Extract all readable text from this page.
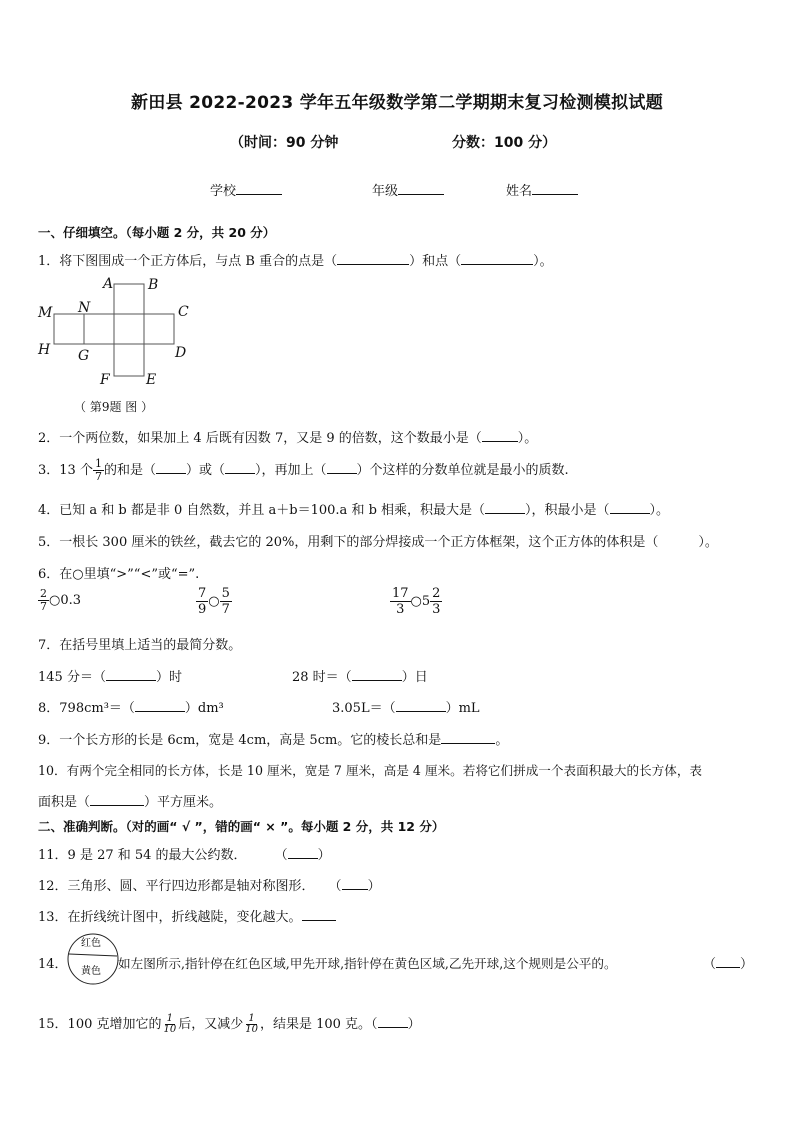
新田县 2022-2023 学年五年级数学第二学期期末复习检测模拟试题
（时间：90 分钟	分数：100 分）
学校	年级	姓名
一、仔细填空。（每小题 2 分，共 20 分）
1．将下图围成一个正方体后，与点 B 重合的点是（	）和点（	）。
A B
C
D
E
F
G
H
M N
（ 第9题 图 ）
2．一个两位数，如果加上 4 后既有因数 7，又是 9 的倍数，这个数最小是（	）。
3．13 个 $\frac{1}{7}$ 的和是（ ）或（ ），再加上（ ）个这样的分数单位就是最小的质数.
4．已知 a 和 b 都是非 0 自然数，并且 a＋b＝100.a 和 b 相乘，积最大是（	），积最小是（	）。
5．一根长 300 厘米的铁丝，截去它的 20%，用剩下的部分焊接成一个正方体框架，这个正方体的体积是（	）。
6．在○里填“>”“<”或“=”.
$\frac{2}{7}$ ○0.3	$\frac{7}{9}$ ○ $\frac{5}{7}$	$\frac{17}{3}$ ○5 $\frac{2}{3}$
7．在括号里填上适当的最简分数。
145 分＝（	）时	28 时＝（	）日
8．798cm³＝（	）dm³	3.05L＝（	）mL
9．一个长方形的长是 6cm，宽是 4cm，高是 5cm。它的棱长总和是	。
10．有两个完全相同的长方体，长是 10 厘米，宽是 7 厘米，高是 4 厘米。若将它们拼成一个表面积最大的长方体，表
面积是（	）平方厘米。
二、准确判断。（对的画“ √ ”，错的画“ × ”。每小题 2 分，共 12 分）
11．9 是 27 和 54 的最大公约数． （ ）
12．三角形、圆、平行四边形都是轴对称图形． （ ）
13．在折线统计图中，折线越陡，变化越大。
14．
红色
黄色
如左图所示,指针停在红色区域,甲先开球,指针停在黄色区域,乙先开球,这个规则是公平的。	（ ）
15．100 克增加它的 $\frac{1}{10}$ 后，又减少 $\frac{1}{10}$ ，结果是 100 克。（ ）
